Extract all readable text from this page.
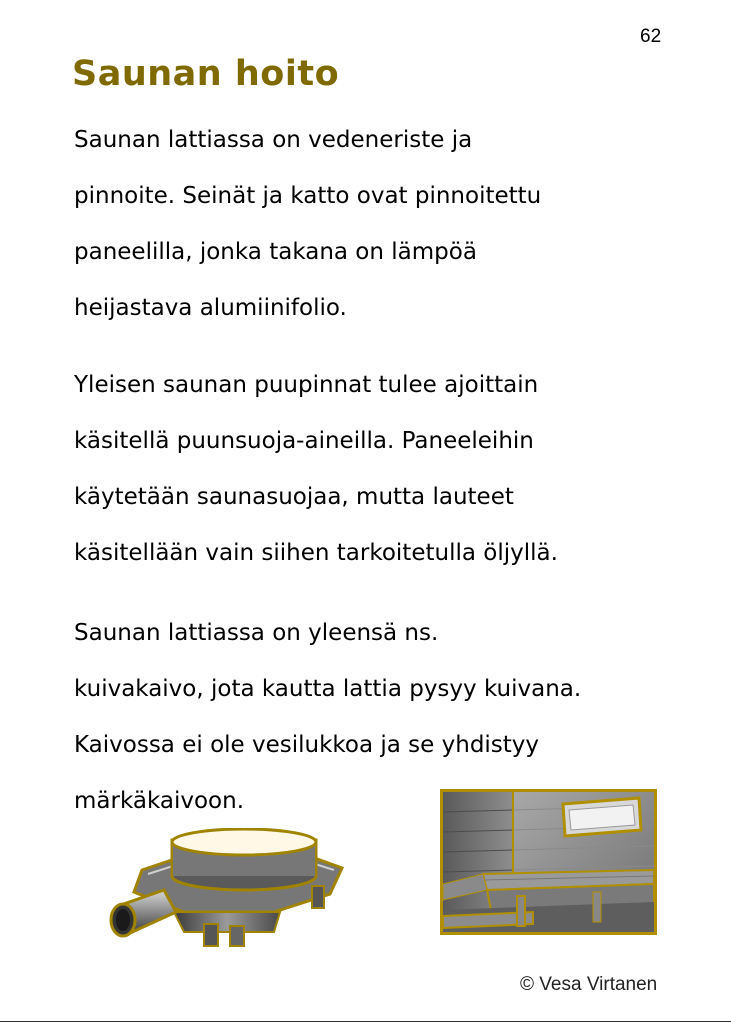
62
Saunan hoito
Saunan lattiassa on vedeneriste ja
pinnoite. Seinät ja katto ovat pinnoitettu
paneelilla, jonka takana on lämpöä
heijastava alumiinifolio.
Yleisen saunan puupinnat tulee ajoittain
käsitellä puunsuoja-aineilla. Paneeleihin
käytetään saunasuojaa, mutta lauteet
käsitellään vain siihen tarkoitetulla öljyllä.
Saunan lattiassa on yleensä ns.
kuivakaivo, jota kautta lattia pysyy kuivana.
Kaivossa ei ole vesilukkoa ja se yhdistyy
märkäkaivoon.
© Vesa Virtanen
